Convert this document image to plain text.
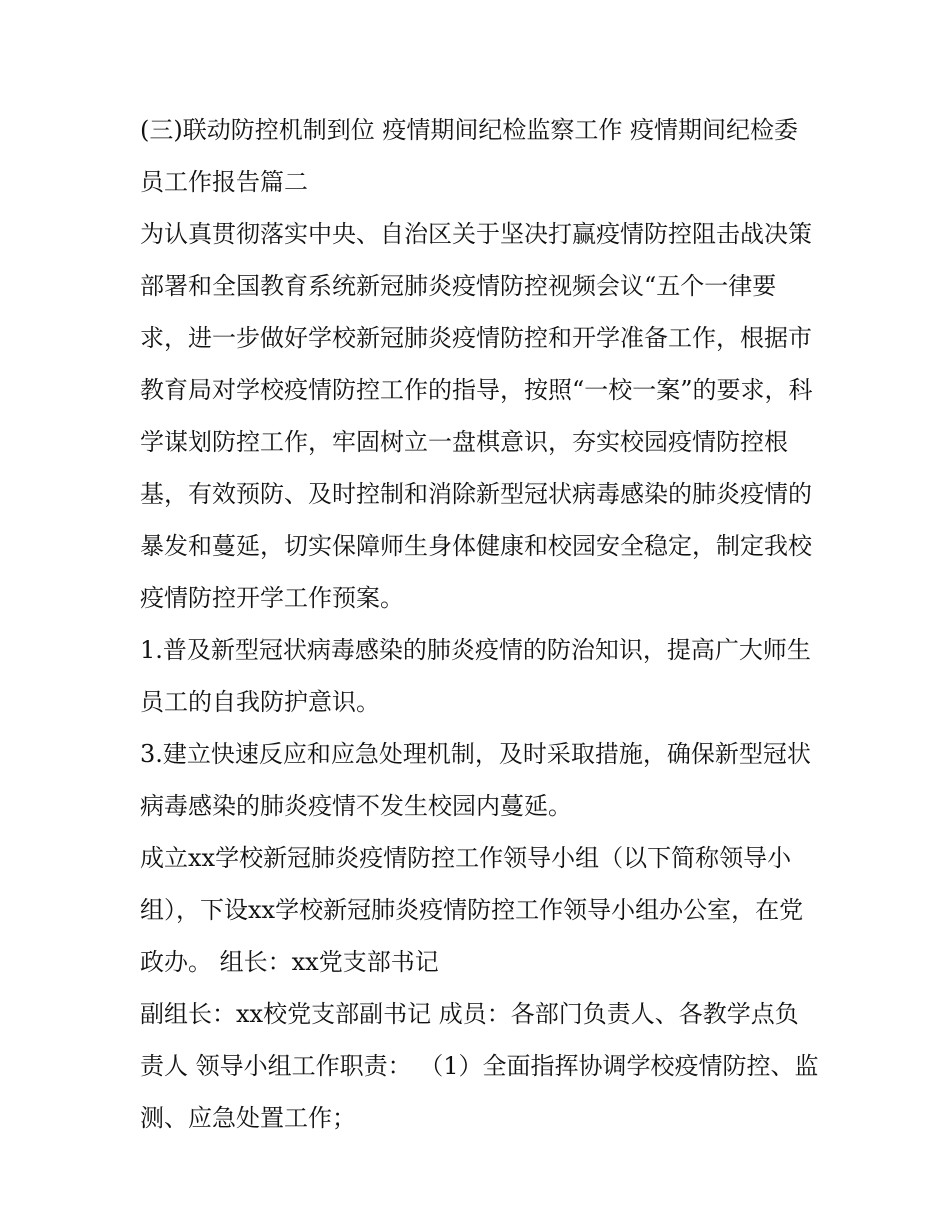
(三)联动防控机制到位 疫情期间纪检监察工作 疫情期间纪检委员工作报告篇二

为认真贯彻落实中央、自治区关于坚决打赢疫情防控阻击战决策部署和全国教育系统新冠肺炎疫情防控视频会议“五个一律要求，进一步做好学校新冠肺炎疫情防控和开学准备工作，根据市教育局对学校疫情防控工作的指导，按照“一校一案”的要求，科学谋划防控工作，牢固树立一盘棋意识，夯实校园疫情防控根基，有效预防、及时控制和消除新型冠状病毒感染的肺炎疫情的暴发和蔓延，切实保障师生身体健康和校园安全稳定，制定我校疫情防控开学工作预案。

1.普及新型冠状病毒感染的肺炎疫情的防治知识，提高广大师生员工的自我防护意识。

3.建立快速反应和应急处理机制，及时采取措施，确保新型冠状病毒感染的肺炎疫情不发生校园内蔓延。

成立xx学校新冠肺炎疫情防控工作领导小组（以下简称领导小组），下设xx学校新冠肺炎疫情防控工作领导小组办公室，在党政办。 组长：xx党支部书记

副组长：xx校党支部副书记 成员：各部门负责人、各教学点负责人 领导小组工作职责： （1）全面指挥协调学校疫情防控、监测、应急处置工作；
